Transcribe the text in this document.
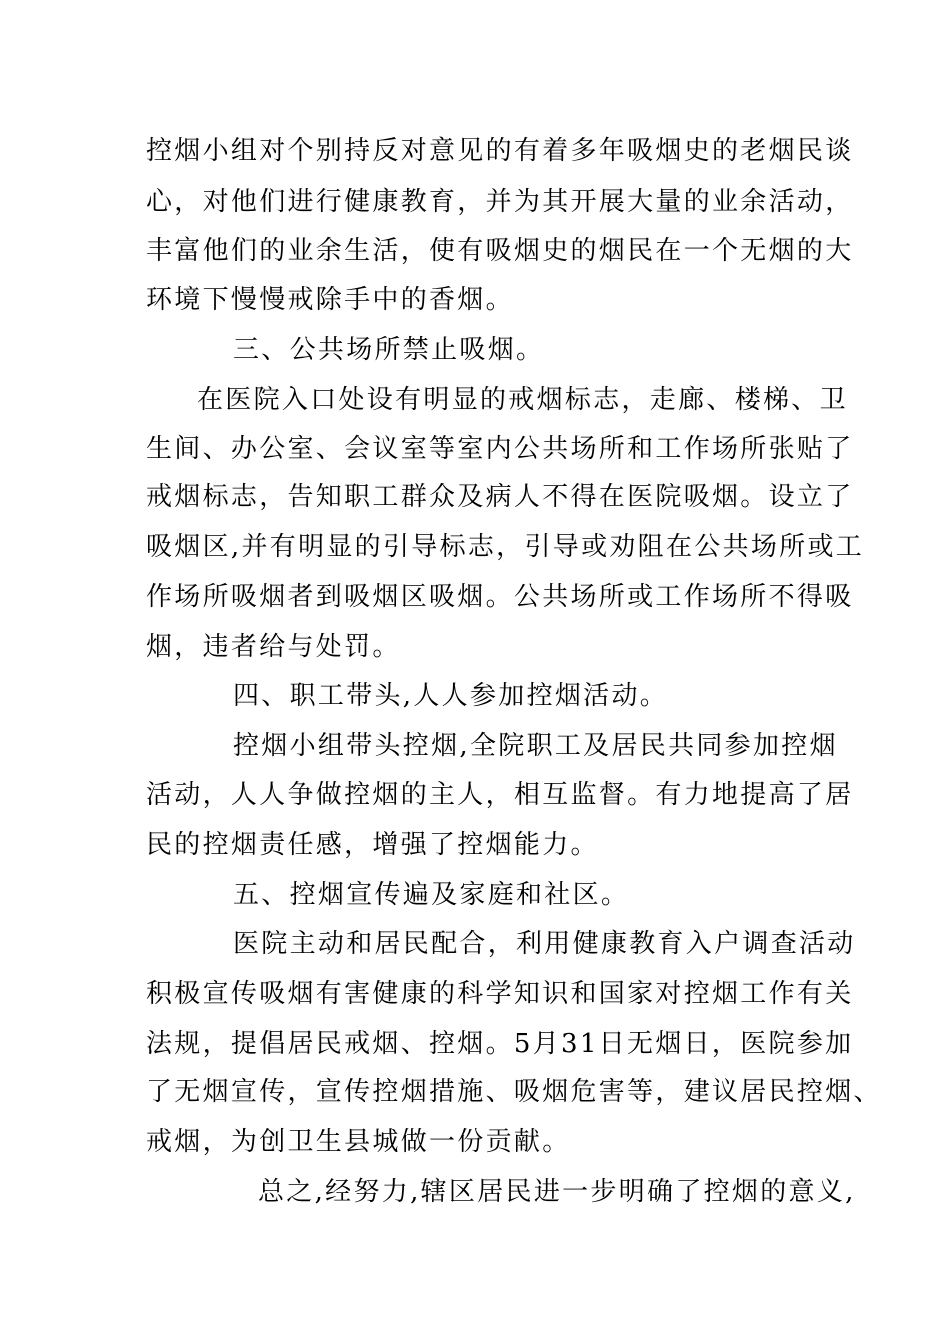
控烟小组对个别持反对意见的有着多年吸烟史的老烟民谈
心，对他们进行健康教育，并为其开展大量的业余活动，
丰富他们的业余生活，使有吸烟史的烟民在一个无烟的大
环境下慢慢戒除手中的香烟。
三、公共场所禁止吸烟。
在医院入口处设有明显的戒烟标志，走廊、楼梯、卫
生间、办公室、会议室等室内公共场所和工作场所张贴了
戒烟标志，告知职工群众及病人不得在医院吸烟。设立了
吸烟区,并有明显的引导标志，引导或劝阻在公共场所或工
作场所吸烟者到吸烟区吸烟。公共场所或工作场所不得吸
烟，违者给与处罚。
四、职工带头,人人参加控烟活动。
控烟小组带头控烟,全院职工及居民共同参加控烟
活动，人人争做控烟的主人，相互监督。有力地提高了居
民的控烟责任感，增强了控烟能力。
五、控烟宣传遍及家庭和社区。
医院主动和居民配合，利用健康教育入户调查活动
积极宣传吸烟有害健康的科学知识和国家对控烟工作有关
法规，提倡居民戒烟、控烟。5月31日无烟日，医院参加
了无烟宣传，宣传控烟措施、吸烟危害等，建议居民控烟、
戒烟，为创卫生县城做一份贡献。
总之,经努力,辖区居民进一步明确了控烟的意义,
